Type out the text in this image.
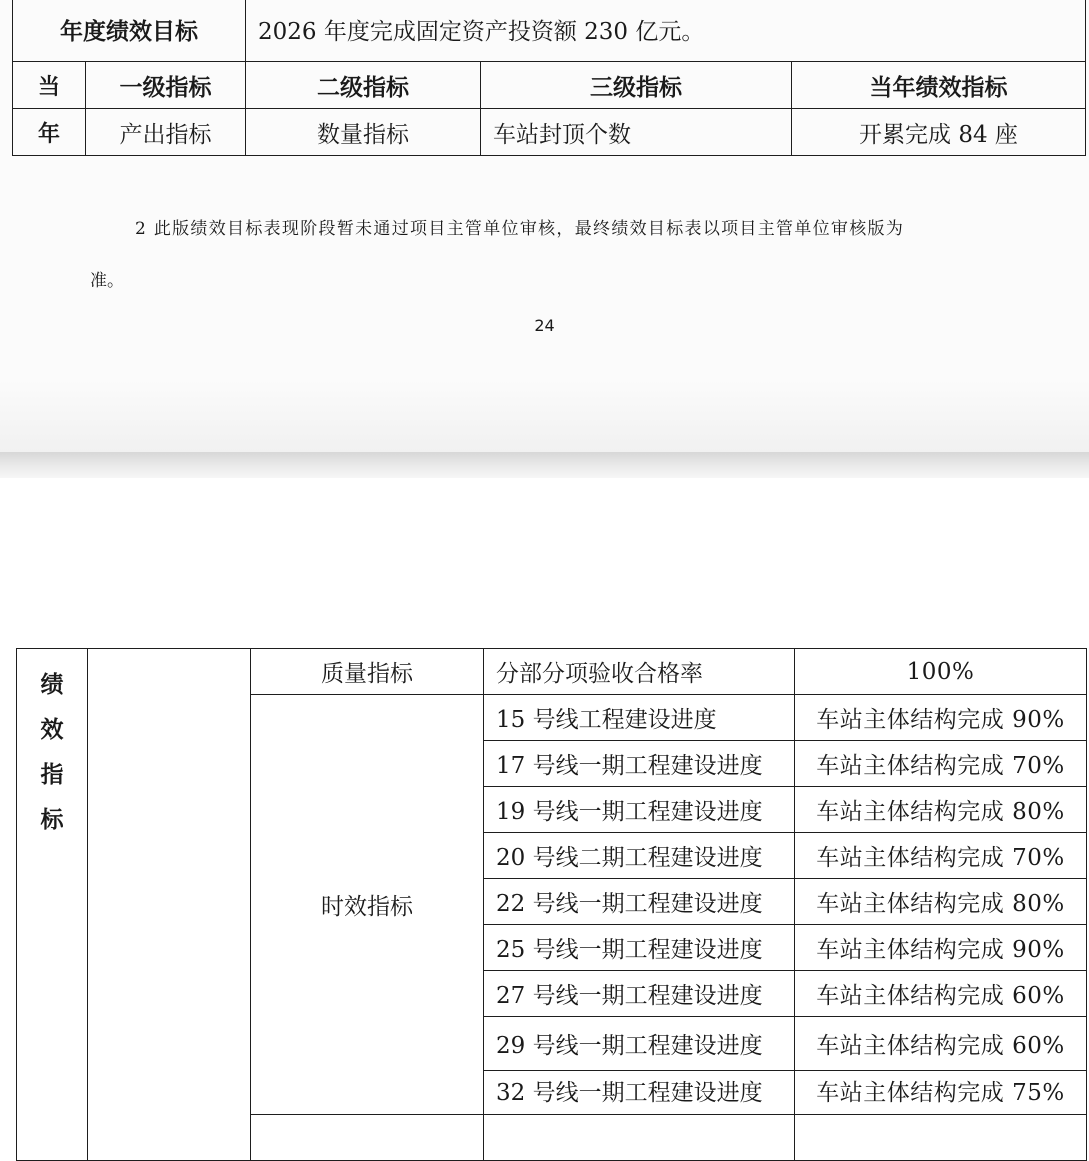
年度绩效目标		2026 年度完成固定资产投资额 230 亿元。		
当	一级指标	二级指标	三级指标	当年绩效指标
年	产出指标	数量指标	车站封顶个数	开累完成 84 座
2 此版绩效目标表现阶段暂未通过项目主管单位审核，最终绩效目标表以项目主管单位审核版为
准。
24
绩
效
指
标		质量指标	分部分项验收合格率	100%
		时效指标	15 号线工程建设进度	车站主体结构完成 90%
			17 号线一期工程建设进度	车站主体结构完成 70%
			19 号线一期工程建设进度	车站主体结构完成 80%
			20 号线二期工程建设进度	车站主体结构完成 70%
			22 号线一期工程建设进度	车站主体结构完成 80%
			25 号线一期工程建设进度	车站主体结构完成 90%
			27 号线一期工程建设进度	车站主体结构完成 60%
			29 号线一期工程建设进度	车站主体结构完成 60%
			32 号线一期工程建设进度	车站主体结构完成 75%
